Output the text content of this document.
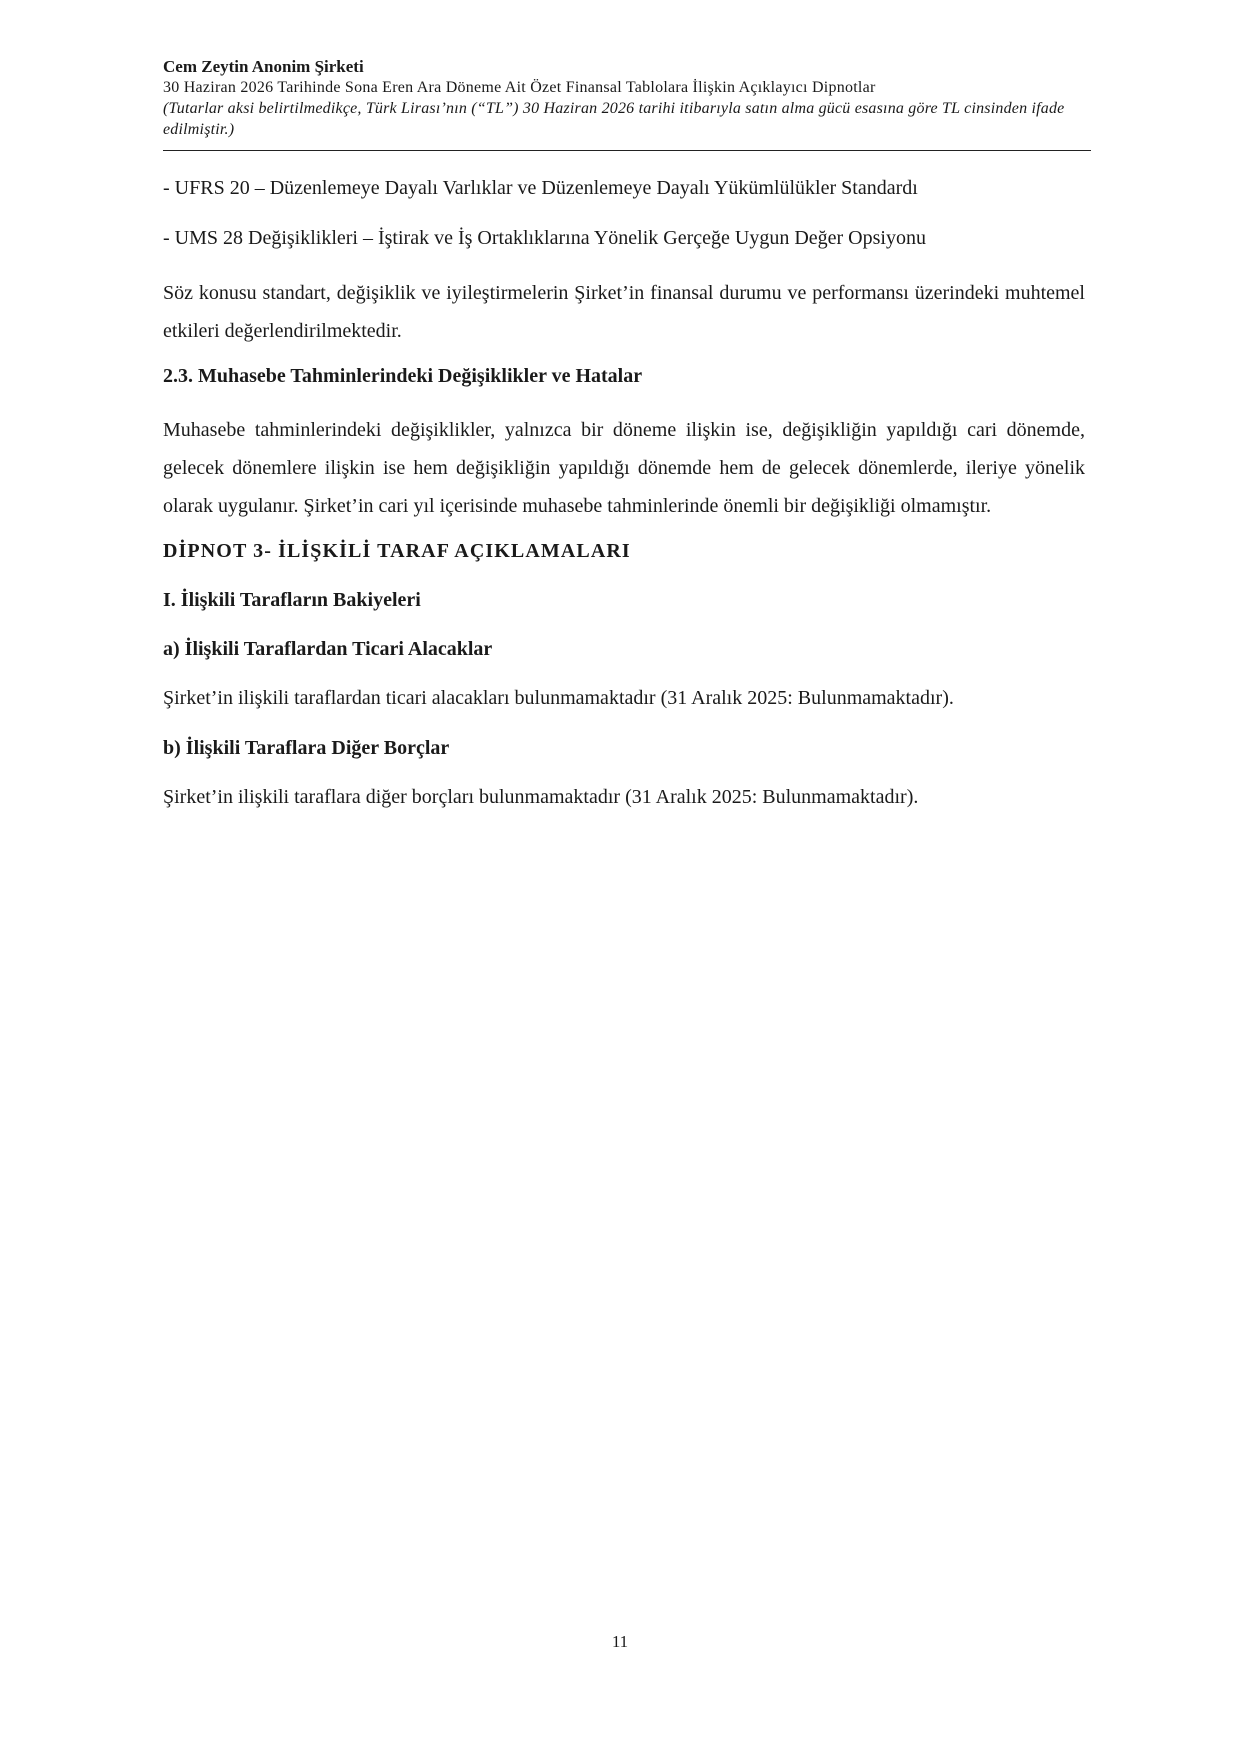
Cem Zeytin Anonim Şirketi
30 Haziran 2026 Tarihinde Sona Eren Ara Döneme Ait Özet Finansal Tablolara İlişkin Açıklayıcı Dipnotlar
(Tutarlar aksi belirtilmedikçe, Türk Lirası’nın (“TL”) 30 Haziran 2026 tarihi itibarıyla satın alma gücü esasına göre TL cinsinden ifade edilmiştir.)

- UFRS 20 – Düzenlemeye Dayalı Varlıklar ve Düzenlemeye Dayalı Yükümlülükler Standardı

- UMS 28 Değişiklikleri – İştirak ve İş Ortaklıklarına Yönelik Gerçeğe Uygun Değer Opsiyonu

Söz konusu standart, değişiklik ve iyileştirmelerin Şirket’in finansal durumu ve performansı üzerindeki muhtemel etkileri değerlendirilmektedir.

2.3. Muhasebe Tahminlerindeki Değişiklikler ve Hatalar

Muhasebe tahminlerindeki değişiklikler, yalnızca bir döneme ilişkin ise, değişikliğin yapıldığı cari dönemde, gelecek dönemlere ilişkin ise hem değişikliğin yapıldığı dönemde hem de gelecek dönemlerde, ileriye yönelik olarak uygulanır. Şirket’in cari yıl içerisinde muhasebe tahminlerinde önemli bir değişikliği olmamıştır.

DİPNOT 3- İLİŞKİLİ TARAF AÇIKLAMALARI

I. İlişkili Tarafların Bakiyeleri

a) İlişkili Taraflardan Ticari Alacaklar

Şirket’in ilişkili taraflardan ticari alacakları bulunmamaktadır (31 Aralık 2025: Bulunmamaktadır).

b) İlişkili Taraflara Diğer Borçlar

Şirket’in ilişkili taraflara diğer borçları bulunmamaktadır (31 Aralık 2025: Bulunmamaktadır).

11
